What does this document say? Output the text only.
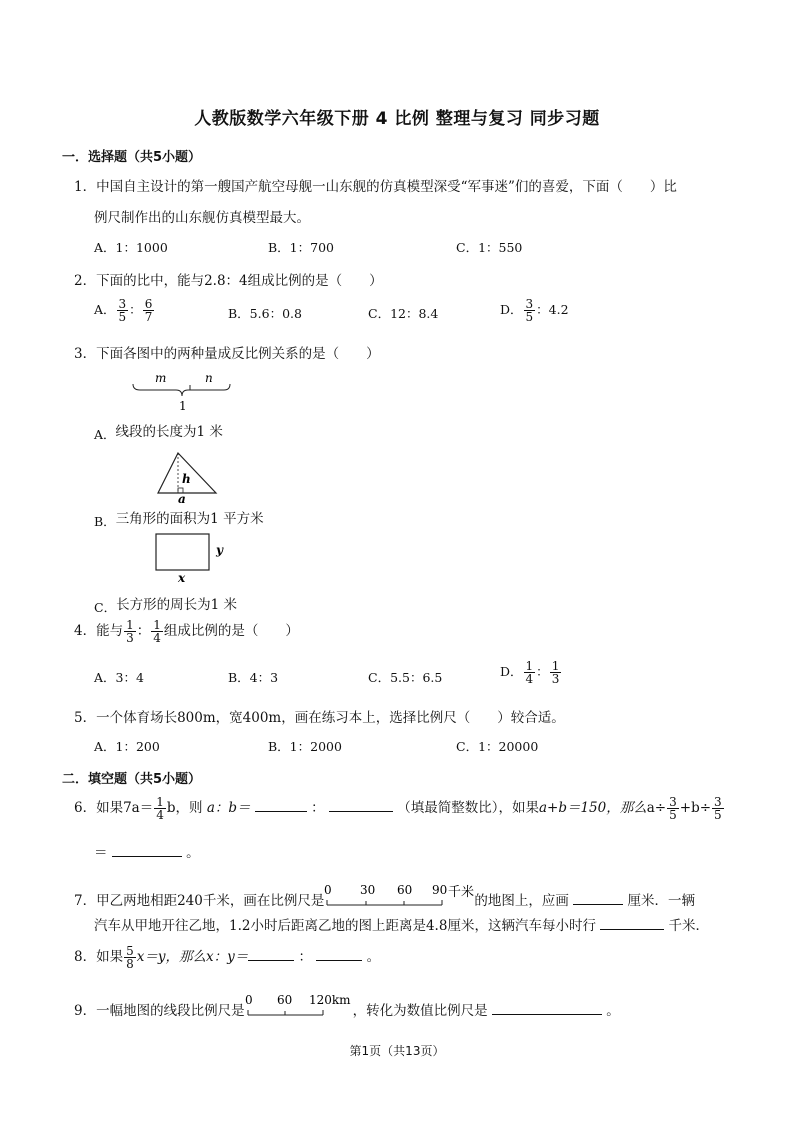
人教版数学六年级下册 4 比例 整理与复习 同步习题
一．选择题（共5小题）
1．中国自主设计的第一艘国产航空母舰一山东舰的仿真模型深受“军事迷”们的喜爱，下面（　　）比
例尺制作出的山东舰仿真模型最大。
A．1：1000	B．1：700	C．1：550
2．下面的比中，能与2.8：4组成比例的是（　　）
A． $\frac{3}{5}$ ： $\frac{6}{7}$	B．5.6：0.8	C．12：8.4	D． $\frac{3}{5}$ ：4.2
3．下面各图中的两种量成反比例关系的是（　　）
m	n
1
A．线段的长度为1 米
h
a
B．三角形的面积为1 平方米
y
x
C．长方形的周长为1 米
4．能与 $\frac{1}{3}$ ： $\frac{1}{4}$ 组成比例的是（　　）
A．3：4	B．4：3	C．5.5：6.5	D． $\frac{1}{4}$ ： $\frac{1}{3}$
5．一个体育场长800m，宽400m，画在练习本上，选择比例尺（　　）较合适。
A．1：200	B．1：2000	C．1：20000
二．填空题（共5小题）
6．如果$7a= \frac{1}{4}$ b，则 a：b＝	：	（填最简整数比），如果a+b＝150，那么$a\div \frac{3}{5} +b\div \frac{3}{5}$
＝	。
7．甲乙两地相距240千米，画在比例尺是
0 30 60 90 千米
的地图上，应画	厘米．一辆
汽车从甲地开往乙地，1.2小时后距离乙地的图上距离是4.8厘米，这辆汽车每小时行	千米．
8．如果 $\frac{5}{8} x=y$，那么x：y＝	：	。
9．一幅地图的线段比例尺是
0 60 120km
，转化为数值比例尺是	。
第1页（共13页）
